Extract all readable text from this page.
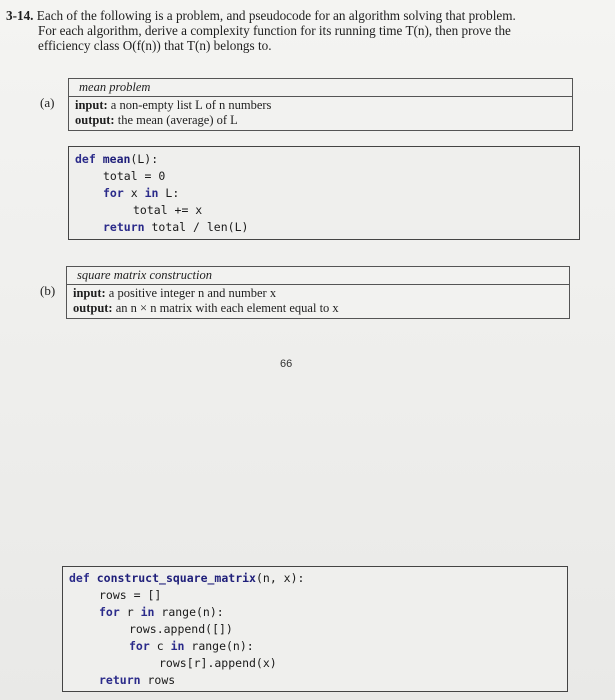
3-14. Each of the following is a problem, and pseudocode for an algorithm solving that problem.
For each algorithm, derive a complexity function for its running time T(n), then prove the
efficiency class O(f(n)) that T(n) belongs to.
(a)
mean problem
input: a non-empty list L of n numbers
output: the mean (average) of L
def mean(L):
total = 0
for x in L:
total += x
return total / len(L)
(b)
square matrix construction
input: a positive integer n and number x
output: an n × n matrix with each element equal to x
66
def construct_square_matrix(n, x):
rows = []
for r in range(n):
rows.append([])
for c in range(n):
rows[r].append(x)
return rows
